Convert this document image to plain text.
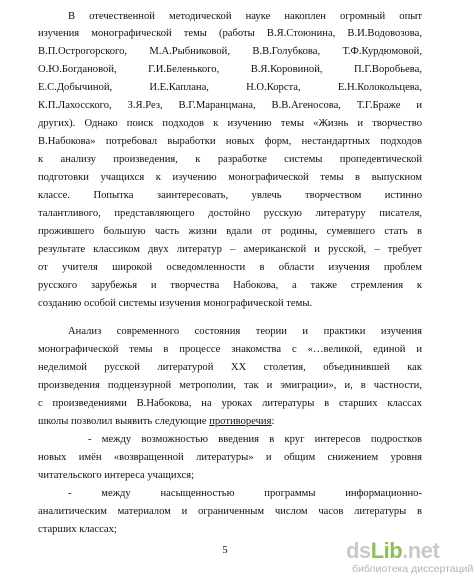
В отечественной методической науке накоплен огромный опыт

изучения монографической темы (работы В.Я.Стоюнина, В.И.Водовозова,

В.П.Острогорского, М.А.Рыбниковой, В.В.Голубкова, Т.Ф.Курдюмовой,

О.Ю.Богдановой, Г.И.Беленького, В.Я.Коровиной, П.Г.Воробьева,

Е.С.Добычиной, И.Е.Каплана, Н.О.Корста, Е.Н.Колокольцева,

К.П.Лахосского, З.Я.Рез, В.Г.Маранцмана, В.В.Агеносова, Т.Г.Браже и

других). Однако поиск подходов к изучению темы «Жизнь и творчество

В.Набокова» потребовал выработки новых форм, нестандартных подходов

к анализу произведения, к разработке системы пропедевтической

подготовки учащихся к изучению монографической темы в выпускном

классе. Попытка заинтересовать, увлечь творчеством истинно

талантливого, представляющего достойно русскую литературу писателя,

прожившего большую часть жизни вдали от родины, сумевшего стать в

результате классиком двух литератур – американской и русской, – требует

от учителя широкой осведомленности в области изучения проблем

русского зарубежья и творчества Набокова, а также стремления к

созданию особой системы изучения монографической темы.

Анализ современного состояния теории и практики изучения

монографической темы в процессе знакомства с «…великой, единой и

неделимой русской литературой XX столетия, объединившей как

произведения подцензурной метрополии, так и эмиграции», и, в частности,

с произведениями В.Набокова, на уроках литературы в старших классах

школы позволил выявить следующие противоречия:

- между возможностью введения в круг интересов подростков

новых имён «возвращенной литературы» и общим снижением уровня

читательского интереса учащихся;

- между насыщенностью программы информационно-

аналитическим материалом и ограниченным числом часов литературы в

старших классах;

5	dsLib.net
библиотека диссертаций
